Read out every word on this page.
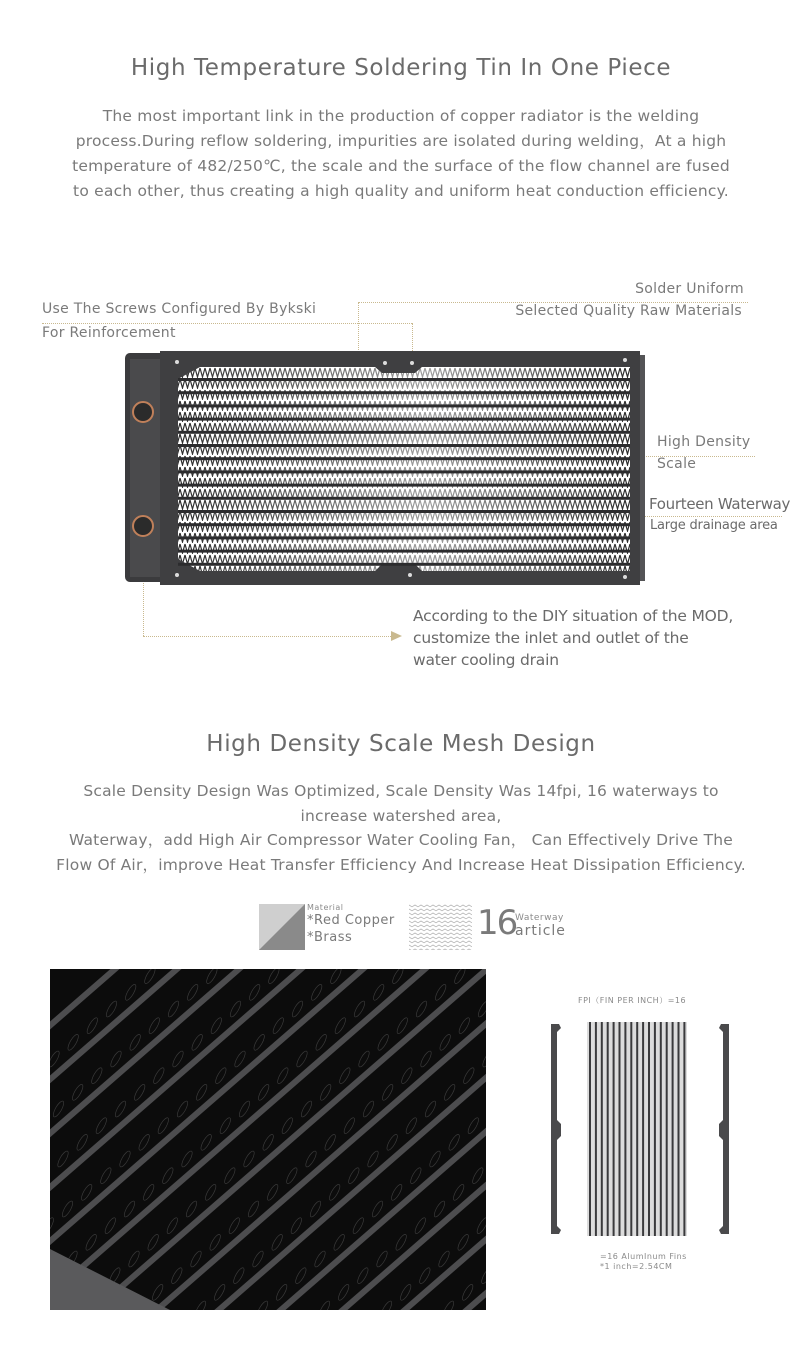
High Temperature Soldering Tin In One Piece
The most important link in the production of copper radiator is the welding
process.During reflow soldering, impurities are isolated during welding，At a high
temperature of 482/250℃, the scale and the surface of the flow channel are fused
to each other, thus creating a high quality and uniform heat conduction efficiency.
Use The Screws Configured By Bykski
For Reinforcement
Solder Uniform
Selected Quality Raw Materials
High Density
Scale
Fourteen Waterway
Large drainage area
According to the DIY situation of the MOD,
customize the inlet and outlet of the
water cooling drain
High Density Scale Mesh Design
Scale Density Design Was Optimized, Scale Density Was 14fpi, 16 waterways to
increase watershed area,
Waterway，add High Air Compressor Water Cooling Fan， Can Effectively Drive The
Flow Of Air，improve Heat Transfer Efficiency And Increase Heat Dissipation Efficiency.
Material
*Red Copper
*Brass	16
Waterway
article
FPI（FIN PER INCH）=16
=16 AlumInum Fins
*1 inch=2.54CM
